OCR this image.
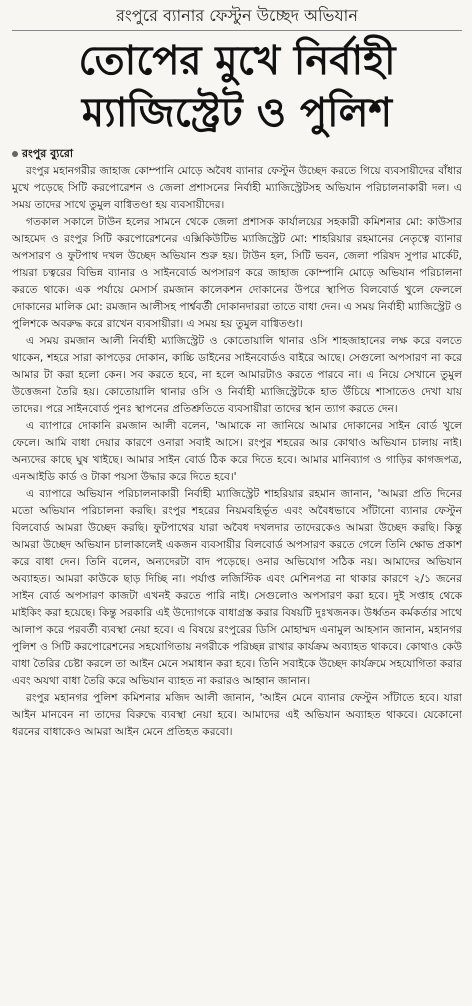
রংপুরে ব্যানার ফেস্টুন উচ্ছেদ অভিযান
তোপের মুখে নির্বাহী
ম্যাজিস্ট্রেট ও পুলিশ
রংপুর ব্যুরো

রংপুর মহানগরীর জাহাজ কোম্পানি মোড়ে অবৈধ ব্যানার ফেস্টুন উচ্ছেদ করতে গিয়ে ব্যবসায়ীদের বাঁধার মুখে পড়েছে সিটি করপোরেশন ও জেলা প্রশাসনের নির্বাহী ম্যাজিস্ট্রেটসহ অভিযান পরিচালনাকারী দল। এ সময় তাদের সাথে তুমুল বাগ্বিতণ্ডা হয় ব্যবসায়ীদের।

গতকাল সকালে টাউন হলের সামনে থেকে জেলা প্রশাসক কার্যালয়ের সহকারী কমিশনার মো: কাউসার আহমেদ ও রংপুর সিটি করপোরেশনের এক্সিকিউটিভ ম্যাজিস্ট্রেট মো: শাহরিয়ার রহমানের নেতৃত্বে ব্যানার অপসারণ ও ফুটপাথ দখল উচ্ছেদ অভিযান শুরু হয়। টাউন হল, সিটি ভবন, জেলা পরিষদ সুপার মার্কেট, পায়রা চত্বরের বিভিন্ন ব্যানার ও সাইনবোর্ড অপসারণ করে জাহাজ কোম্পানি মোড়ে অভিযান পরিচালনা করতে থাকে। এক পর্যায়ে মেসার্স রমজান কালেকশন দোকানের উপরে স্থাপিত বিলবোর্ড খুলে ফেললে দোকানের মালিক মো: রমজান আলীসহ পার্শ্ববর্তী দোকানদাররা তাতে বাধা দেন। এ সময় নির্বাহী ম্যাজিস্ট্রেট ও পুলিশকে অবরুদ্ধ করে রাখেন ব্যবসায়ীরা। এ সময় হয় তুমুল বাগ্বিতণ্ডা।

এ সময় রমজান আলী নির্বাহী ম্যাজিস্ট্রেট ও কোতোয়ালি থানার ওসি শাহজাহানের লক্ষ করে বলতে থাকেন, শহরে সারা কাপড়ের দোকান, কাচ্চি ডাইনের সাইনবোর্ডও বাইরে আছে। সেগুলো অপসারণ না করে আমার টা করা হলো কেন। সব করতে হবে, না হলে আমারটাও করতে পারবে না। এ নিয়ে সেখানে তুমুল উত্তেজনা তৈরি হয়। কোতোয়ালি থানার ওসি ও নির্বাহী ম্যাজিস্ট্রেটকে হাত উঁচিয়ে শাসাতেও দেখা যায় তাদের। পরে সাইনবোর্ড পুনঃ স্থাপনের প্রতিশ্রুতিতে ব্যবসায়ীরা তাদের স্থান ত্যাগ করতে দেন।

এ ব্যাপারে দোকানি রমজান আলী বলেন, 'আমাকে না জানিয়ে আমার দোকানের সাইন বোর্ড খুলে ফেলে। আমি বাধা দেয়ার কারণে ওনারা সবাই আসে। রংপুর শহরের আর কোথাও অভিযান চালায় নাই। অন্যদের কাছে ঘুষ খাইছে। আমার সাইন বোর্ড ঠিক করে দিতে হবে। আমার মানিব্যাগ ও গাড়ির কাগজপত্র, এনআইডি কার্ড ও টাকা পয়সা উদ্ধার করে দিতে হবে।'

এ ব্যাপারে অভিযান পরিচালনাকারী নির্বাহী ম্যাজিস্ট্রেট শাহরিয়ার রহমান জানান, 'আমরা প্রতি দিনের মতো অভিযান পরিচালনা করছি। রংপুর শহরের নিয়মবহির্ভূত এবং অবৈধভাবে সাঁটানো ব্যানার ফেস্টুন বিলবোর্ড আমরা উচ্ছেদ করছি। ফুটপাথের যারা অবৈধ দখলদার তাদেরকেও আমরা উচ্ছেদ করছি। কিন্তু আমরা উচ্ছেদ অভিযান চালাকালেই একজন ব্যবসায়ীর বিলবোর্ড অপসারণ করতে গেলে তিনি ক্ষোভ প্রকাশ করে বাধা দেন। তিনি বলেন, অন্যদেরটা বাদ পড়েছে। ওনার অভিযোগ সঠিক নয়। আমাদের অভিযান অব্যাহত। আমরা কাউকে ছাড় দিচ্ছি না। পর্যাপ্ত লজিস্টিক এবং মেশিনপত্র না থাকার কারণে ২/১ জনের সাইন বোর্ড অপসারণ কাজটা এখনই করতে পারি নাই। সেগুলোও অপসারণ করা হবে। দুই সপ্তাহ থেকে মাইকিং করা হয়েছে। কিন্তু সরকারি এই উদ্যোগকে বাধাগ্রস্ত করার বিষয়টি দুঃখজনক। উর্ধ্বতন কর্মকর্তার সাথে আলাপ করে পরবর্তী ব্যবস্থা নেয়া হবে। এ বিষয়ে রংপুরের ডিসি মোহাম্মদ এনামুল আহসান জানান, মহানগর পুলিশ ও সিটি করপোরেশনের সহযোগিতায় নগরীকে পরিচ্ছন্ন রাখার কার্যক্রম অব্যাহত থাকবে। কোথাও কেউ বাধা তৈরির চেষ্টা করলে তা আইন মেনে সমাধান করা হবে। তিনি সবাইকে উচ্ছেদ কার্যক্রমে সহযোগিতা করার এবং অযথা বাধা তৈরি করে অভিযান ব্যাহত না করারও আহ্বান জানান।

রংপুর মহানগর পুলিশ কমিশনার মজিদ আলী জানান, 'আইন মেনে ব্যানার ফেস্টুন সাঁটাতে হবে। যারা আইন মানবেন না তাদের বিরুদ্ধে ব্যবস্থা নেয়া হবে। আমাদের এই অভিযান অব্যাহত থাকবে। যেকোনো ধরনের বাধাকেও আমরা আইন মেনে প্রতিহত করবো।
